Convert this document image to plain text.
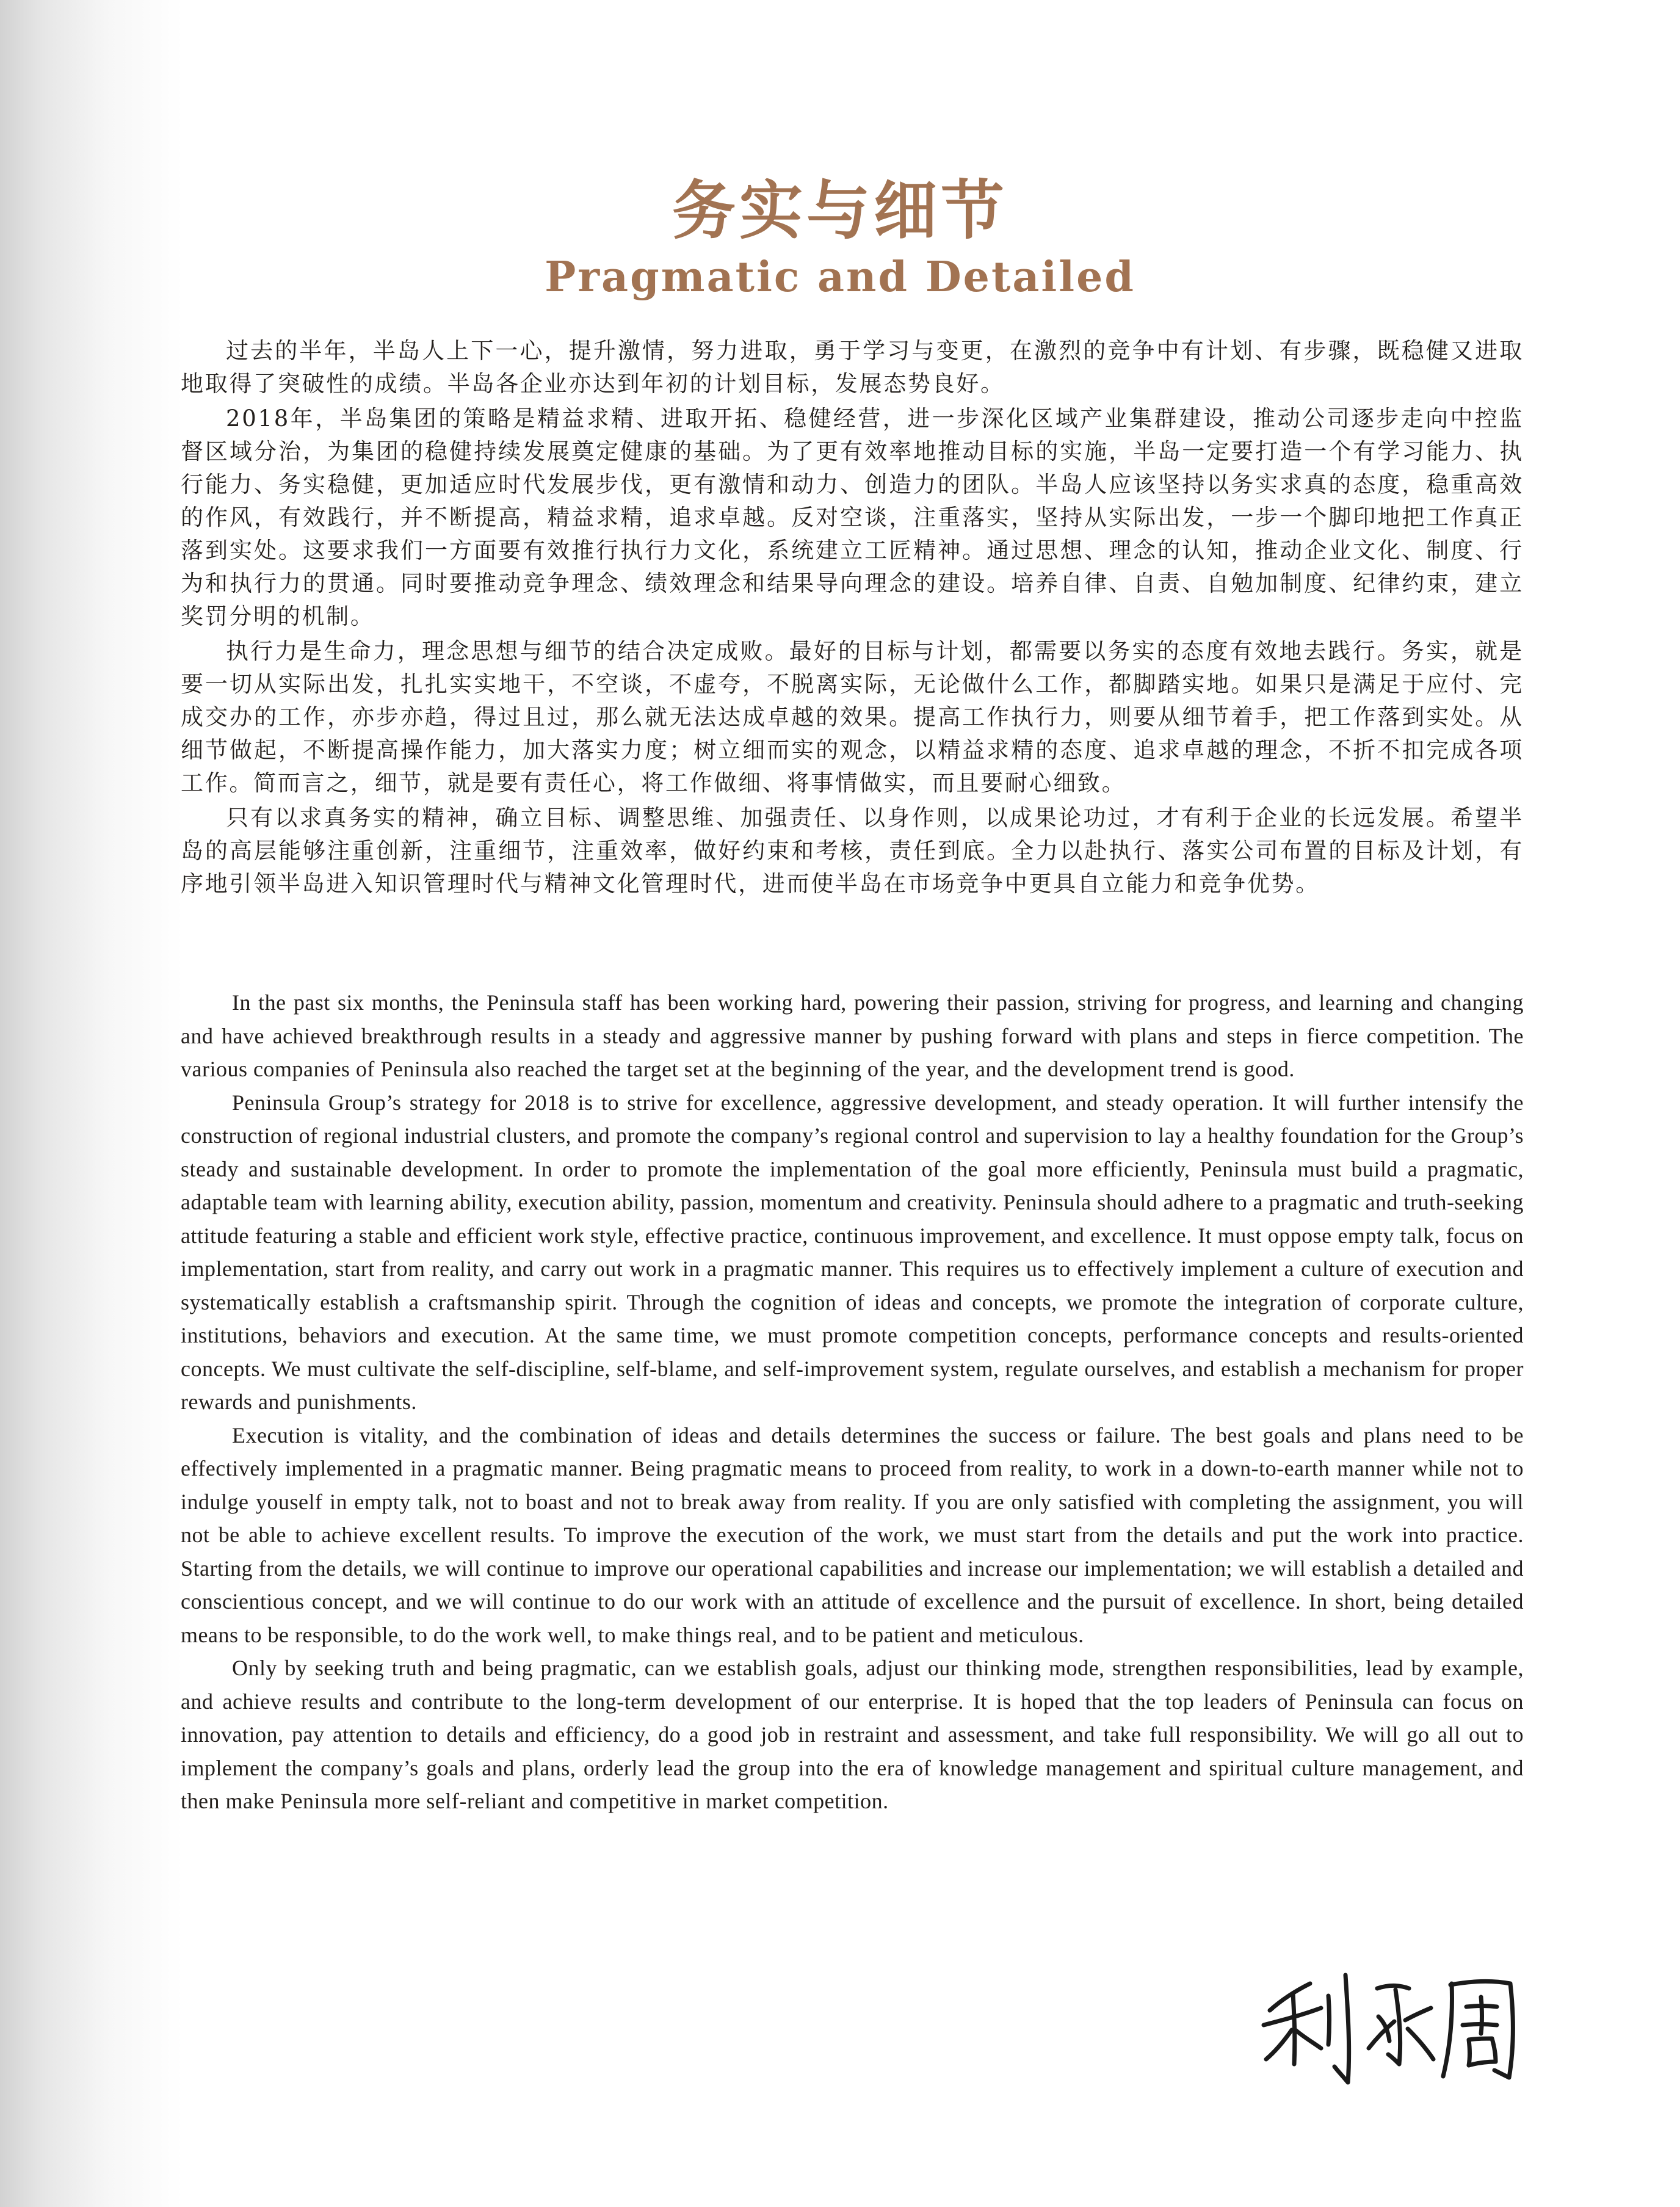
务实与细节
Pragmatic and Detailed

过去的半年，半岛人上下一心，提升激情，努力进取，勇于学习与变更，在激烈的竞争中有计划、有步骤，既稳健又进取地取得了突破性的成绩。半岛各企业亦达到年初的计划目标，发展态势良好。

2018年，半岛集团的策略是精益求精、进取开拓、稳健经营，进一步深化区域产业集群建设，推动公司逐步走向中控监督区域分治，为集团的稳健持续发展奠定健康的基础。为了更有效率地推动目标的实施，半岛一定要打造一个有学习能力、执行能力、务实稳健，更加适应时代发展步伐，更有激情和动力、创造力的团队。半岛人应该坚持以务实求真的态度，稳重高效的作风，有效践行，并不断提高，精益求精，追求卓越。反对空谈，注重落实，坚持从实际出发，一步一个脚印地把工作真正落到实处。这要求我们一方面要有效推行执行力文化，系统建立工匠精神。通过思想、理念的认知，推动企业文化、制度、行为和执行力的贯通。同时要推动竞争理念、绩效理念和结果导向理念的建设。培养自律、自责、自勉加制度、纪律约束，建立奖罚分明的机制。

执行力是生命力，理念思想与细节的结合决定成败。最好的目标与计划，都需要以务实的态度有效地去践行。务实，就是要一切从实际出发，扎扎实实地干，不空谈，不虚夸，不脱离实际，无论做什么工作，都脚踏实地。如果只是满足于应付、完成交办的工作，亦步亦趋，得过且过，那么就无法达成卓越的效果。提高工作执行力，则要从细节着手，把工作落到实处。从细节做起，不断提高操作能力，加大落实力度；树立细而实的观念，以精益求精的态度、追求卓越的理念，不折不扣完成各项工作。简而言之，细节，就是要有责任心，将工作做细、将事情做实，而且要耐心细致。

只有以求真务实的精神，确立目标、调整思维、加强责任、以身作则，以成果论功过，才有利于企业的长远发展。希望半岛的高层能够注重创新，注重细节，注重效率，做好约束和考核，责任到底。全力以赴执行、落实公司布置的目标及计划，有序地引领半岛进入知识管理时代与精神文化管理时代，进而使半岛在市场竞争中更具自立能力和竞争优势。

In the past six months, the Peninsula staff has been working hard, powering their passion, striving for progress, and learning and changing and have achieved breakthrough results in a steady and aggressive manner by pushing forward with plans and steps in fierce competition. The various companies of Peninsula also reached the target set at the beginning of the year, and the development trend is good.

Peninsula Group’s strategy for 2018 is to strive for excellence, aggressive development, and steady operation. It will further intensify the construction of regional industrial clusters, and promote the company’s regional control and supervision to lay a healthy foundation for the Group’s steady and sustainable development. In order to promote the implementation of the goal more efficiently, Peninsula must build a pragmatic, adaptable team with learning ability, execution ability, passion, momentum and creativity. Peninsula should adhere to a pragmatic and truth-seeking attitude featuring a stable and efficient work style, effective practice, continuous improvement, and excellence. It must oppose empty talk, focus on implementation, start from reality, and carry out work in a pragmatic manner. This requires us to effectively implement a culture of execution and systematically establish a craftsmanship spirit. Through the cognition of ideas and concepts, we promote the integration of corporate culture, institutions, behaviors and execution. At the same time, we must promote competition concepts, performance concepts and results-oriented concepts. We must cultivate the self-discipline, self-blame, and self-improvement system, regulate ourselves, and establish a mechanism for proper rewards and punishments.

Execution is vitality, and the combination of ideas and details determines the success or failure. The best goals and plans need to be effectively implemented in a pragmatic manner. Being pragmatic means to proceed from reality, to work in a down-to-earth manner while not to indulge youself in empty talk, not to boast and not to break away from reality. If you are only satisfied with completing the assignment, you will not be able to achieve excellent results. To improve the execution of the work, we must start from the details and put the work into practice. Starting from the details, we will continue to improve our operational capabilities and increase our implementation; we will establish a detailed and conscientious concept, and we will continue to do our work with an attitude of excellence and the pursuit of excellence. In short, being detailed means to be responsible, to do the work well, to make things real, and to be patient and meticulous.

Only by seeking truth and being pragmatic, can we establish goals, adjust our thinking mode, strengthen responsibilities, lead by example, and achieve results and contribute to the long-term development of our enterprise. It is hoped that the top leaders of Peninsula can focus on innovation, pay attention to details and efficiency, do a good job in restraint and assessment, and take full responsibility. We will go all out to implement the company’s goals and plans, orderly lead the group into the era of knowledge management and spiritual culture management, and then make Peninsula more self-reliant and competitive in market competition.
